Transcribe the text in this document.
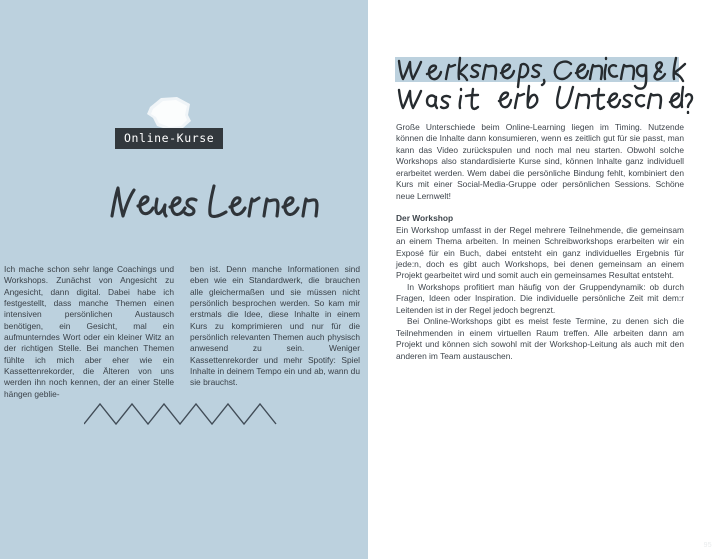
Online-Kurse

Ich mache schon sehr lange Coachings und Workshops. Zunächst von Angesicht zu Angesicht, dann digital. Dabei habe ich festgestellt, dass manche Themen einen intensiven persönlichen Austausch benötigen, ein Gesicht, mal ein aufmunterndes Wort oder ein kleiner Witz an der richtigen Stelle. Bei manchen Themen fühlte ich mich aber eher wie ein Kassettenrekorder, die Älteren von uns werden ihn noch kennen, der an einer Stelle hängen geblie-

ben ist. Denn manche Informationen sind eben wie ein Standardwerk, die brauchen alle gleichermaßen und sie müssen nicht persönlich besprochen werden. So kam mir erstmals die Idee, diese Inhalte in einem Kurs zu komprimieren und nur für die persönlich relevanten Themen auch physisch anwesend zu sein. Weniger Kassettenrekorder und mehr Spotify: Spiel Inhalte in deinem Tempo ein und ab, wann du sie brauchst.

Große Unterschiede beim Online-Learning liegen im Timing. Nutzende können die Inhalte dann konsumieren, wenn es zeitlich gut für sie passt, man kann das Video zurückspulen und noch mal neu starten. Obwohl solche Workshops also standardisierte Kurse sind, können Inhalte ganz individuell erarbeitet werden. Wem dabei die persönliche Bindung fehlt, kombiniert den Kurs mit einer Social-Media-Gruppe oder persönlichen Sessions. Schöne neue Lernwelt!

Der Workshop

Ein Workshop umfasst in der Regel mehrere Teilnehmende, die gemeinsam an einem Thema arbeiten. In meinen Schreibworkshops erarbeiten wir ein Exposé für ein Buch, dabei entsteht ein ganz individuelles Ergebnis für jede:n, doch es gibt auch Workshops, bei denen gemeinsam an einem Projekt gearbeitet wird und somit auch ein gemeinsames Resultat entsteht.

In Workshops profitiert man häufig von der Gruppendynamik: ob durch Fragen, Ideen oder Inspiration. Die individuelle persönliche Zeit mit dem:r Leitenden ist in der Regel jedoch begrenzt.

Bei Online-Workshops gibt es meist feste Termine, zu denen sich die Teilnehmenden in einem virtuellen Raum treffen. Alle arbeiten dann am Projekt und können sich sowohl mit der Workshop-Leitung als auch mit den anderen im Team austauschen.

95
